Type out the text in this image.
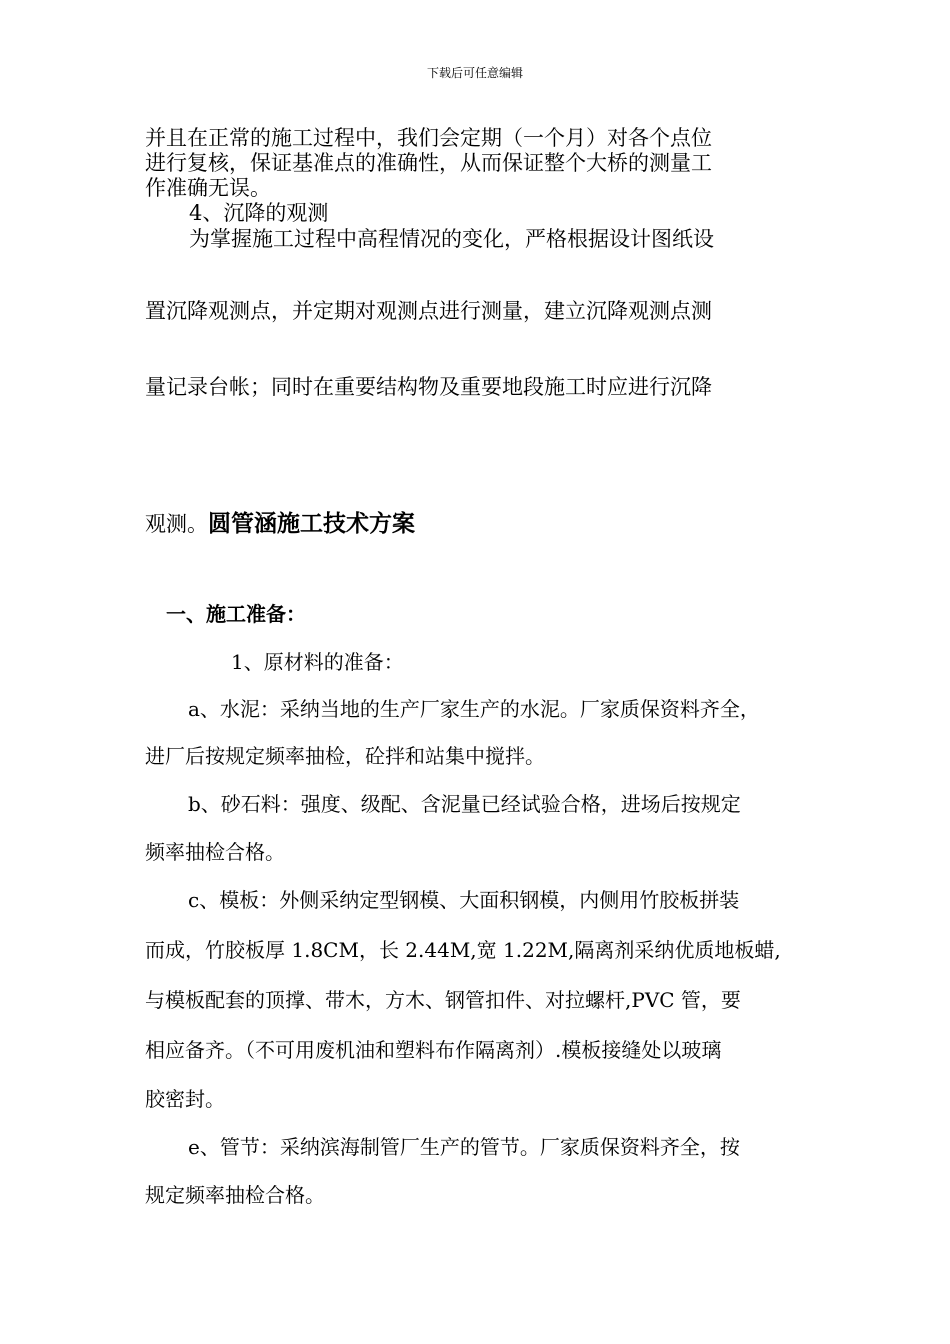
下载后可任意编辑
并且在正常的施工过程中，我们会定期（一个月）对各个点位
进行复核，保证基准点的准确性，从而保证整个大桥的测量工
作准确无误。
4、沉降的观测
为掌握施工过程中高程情况的变化，严格根据设计图纸设
置沉降观测点，并定期对观测点进行测量，建立沉降观测点测
量记录台帐；同时在重要结构物及重要地段施工时应进行沉降
观测。圆管涵施工技术方案
一、施工准备：
1、原材料的准备：
a、水泥：采纳当地的生产厂家生产的水泥。厂家质保资料齐全，
进厂后按规定频率抽检，砼拌和站集中搅拌。
b、砂石料：强度、级配、含泥量已经试验合格，进场后按规定
频率抽检合格。
c、模板：外侧采纳定型钢模、大面积钢模，内侧用竹胶板拼装
而成，竹胶板厚 1.8CM，长 2.44M,宽 1.22M,隔离剂采纳优质地板蜡,
与模板配套的顶撑、带木，方木、钢管扣件、对拉螺杆,PVC 管，要
相应备齐。（不可用废机油和塑料布作隔离剂）.模板接缝处以玻璃
胶密封。
e、管节：采纳滨海制管厂生产的管节。厂家质保资料齐全，按
规定频率抽检合格。
